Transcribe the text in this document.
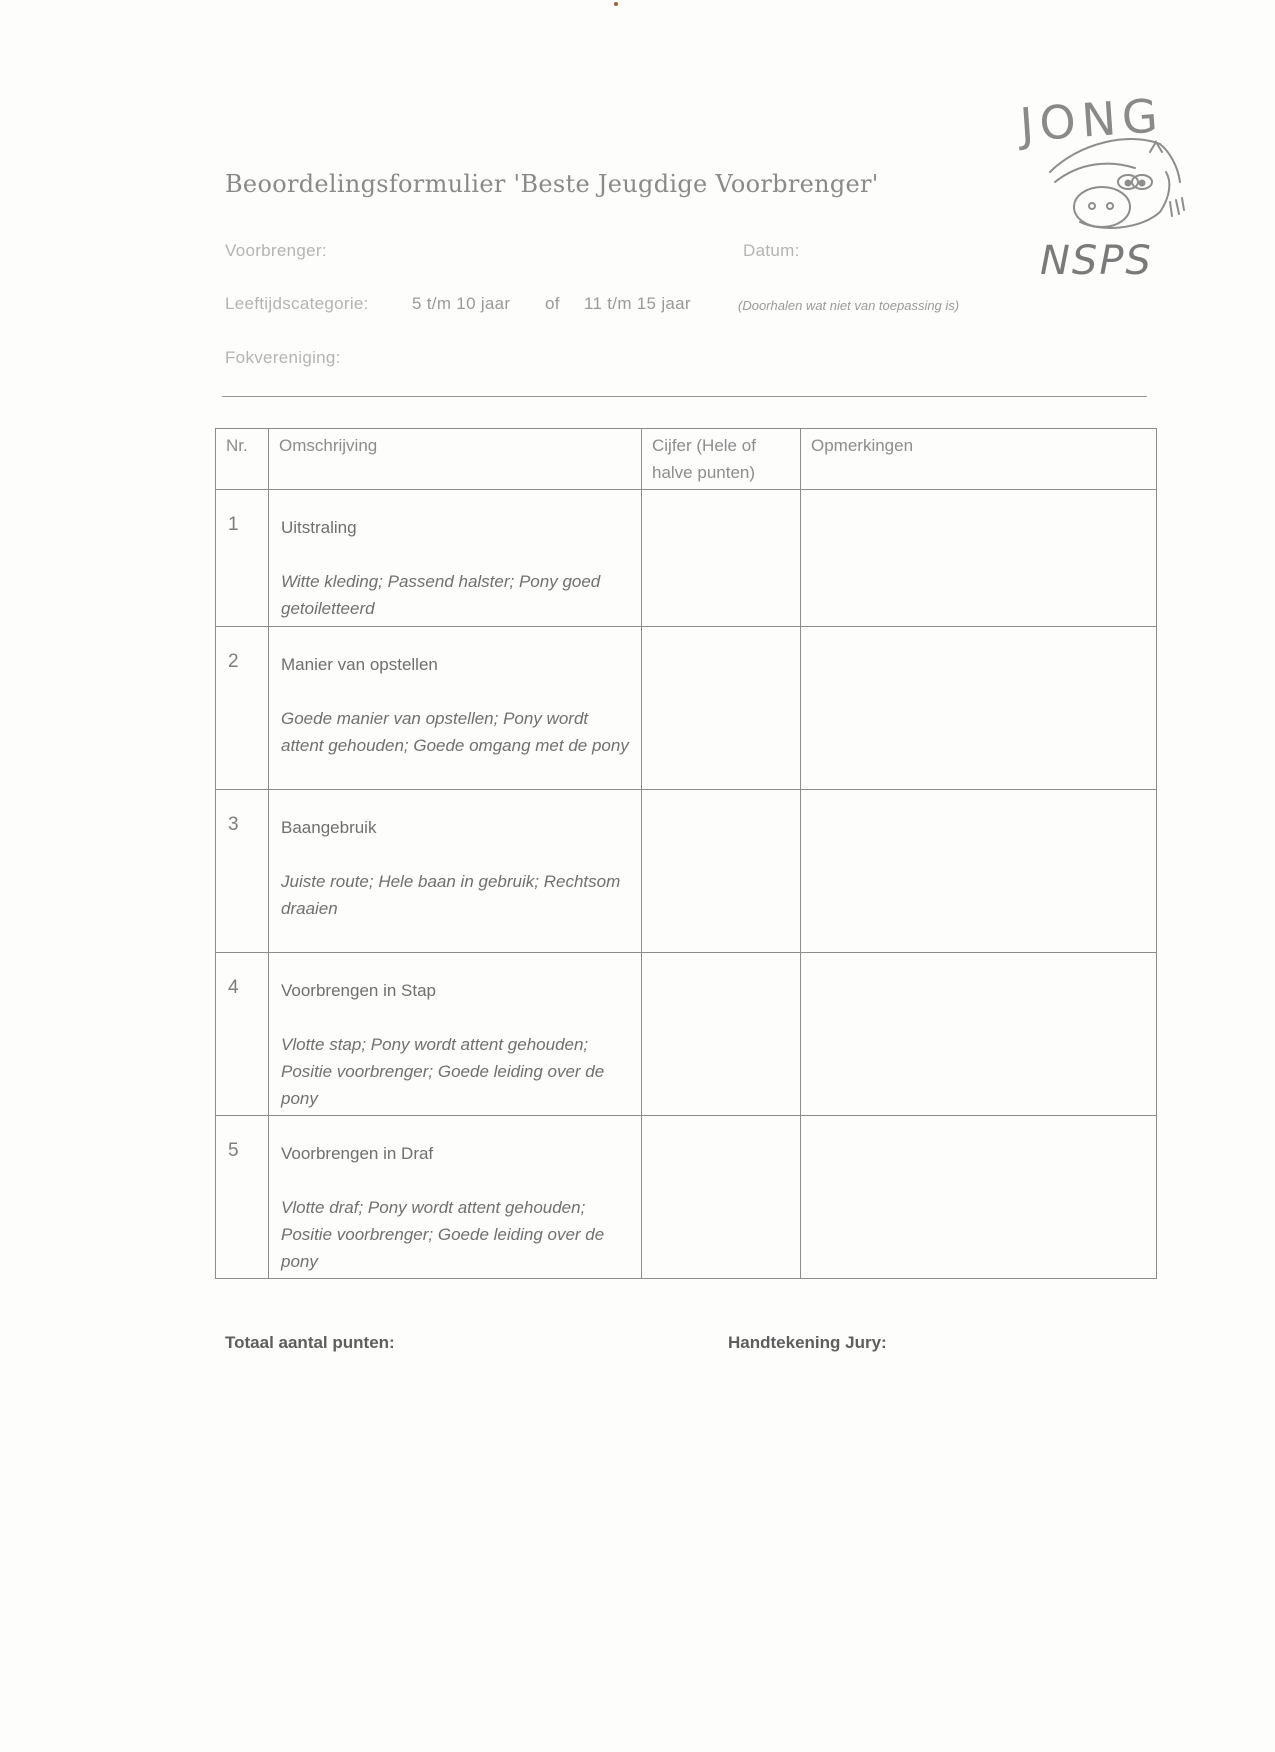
Beoordelingsformulier 'Beste Jeugdige Voorbrenger'
Voorbrenger:	Datum:
Leeftijdscategorie:	5 t/m 10 jaar of 11 t/m 15 jaar	(Doorhalen wat niet van toepassing is)
Fokvereniging:
JONG
NSPS
Nr.	Omschrijving	Cijfer (Hele of halve punten)	Opmerkingen
1	Uitstraling
Witte kleding; Passend halster; Pony goed getoiletteerd		

2	Manier van opstellen
Goede manier van opstellen; Pony wordt attent gehouden; Goede omgang met de pony		

3	Baangebruik
Juiste route; Hele baan in gebruik; Rechtsom draaien		

4	Voorbrengen in Stap
Vlotte stap; Pony wordt attent gehouden; Positie voorbrenger; Goede leiding over de pony		

5	Voorbrengen in Draf
Vlotte draf; Pony wordt attent gehouden; Positie voorbrenger; Goede leiding over de pony		

Totaal aantal punten:	Handtekening Jury:
